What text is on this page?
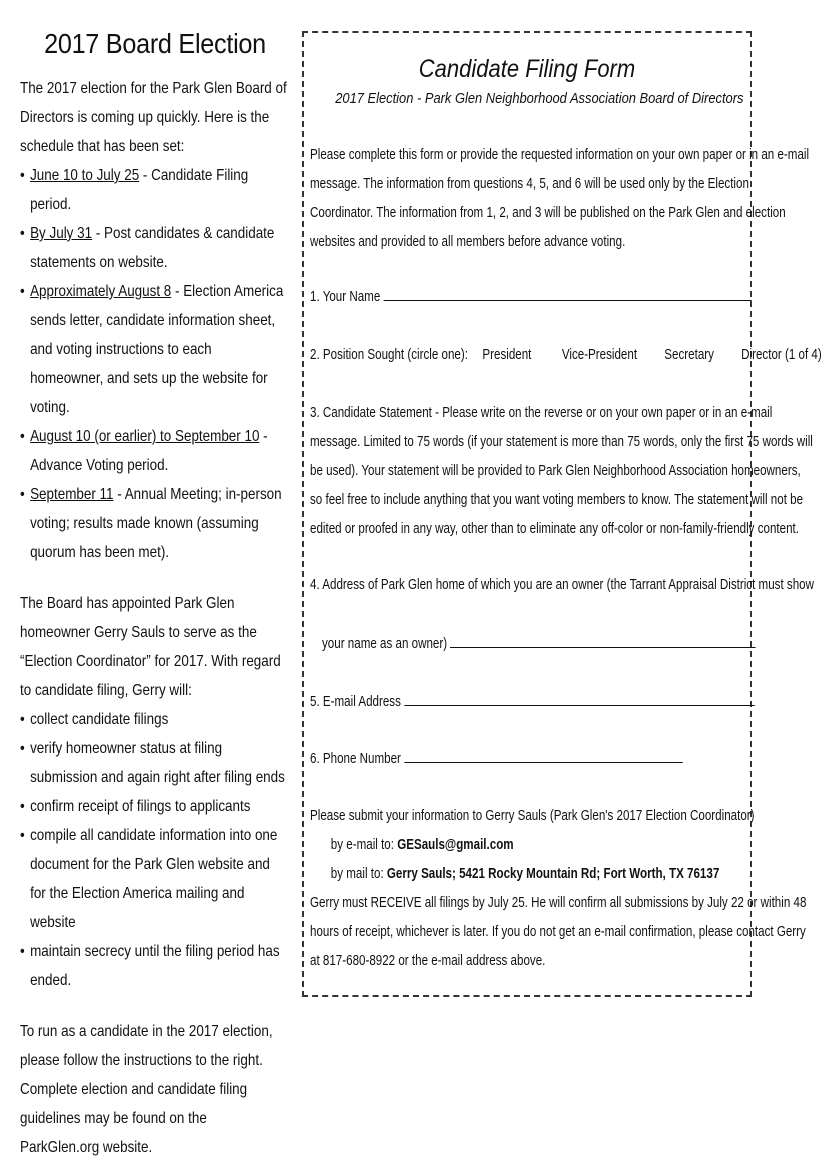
2017 Board Election
The 2017 election for the Park Glen Board of Directors is coming up quickly. Here is the schedule that has been set:
• June 10 to July 25 - Candidate Filing period.
• By July 31 - Post candidates & candidate statements on website.
• Approximately August 8 - Election America sends letter, candidate information sheet, and voting instructions to each homeowner, and sets up the website for voting.
• August 10 (or earlier) to September 10 - Advance Voting period.
• September 11 - Annual Meeting; in-person voting; results made known (assuming quorum has been met).
The Board has appointed Park Glen homeowner Gerry Sauls to serve as the “Election Coordinator” for 2017. With regard to candidate filing, Gerry will:
• collect candidate filings
• verify homeowner status at filing submission and again right after filing ends
• confirm receipt of filings to applicants
• compile all candidate information into one document for the Park Glen website and for the Election America mailing and website
• maintain secrecy until the filing period has ended.
To run as a candidate in the 2017 election, please follow the instructions to the right. Complete election and candidate filing guidelines may be found on the ParkGlen.org website.
Candidate Filing Form
2017 Election - Park Glen Neighborhood Association Board of Directors
Please complete this form or provide the requested information on your own paper or in an e-mail
message. The information from questions 4, 5, and 6 will be used only by the Election
Coordinator. The information from 1, 2, and 3 will be published on the Park Glen and election
websites and provided to all members before advance voting.
1. Your Name
2. Position Sought (circle one): President Vice-President Secretary Director (1 of 4)
3. Candidate Statement - Please write on the reverse or on your own paper or in an e-mail
message. Limited to 75 words (if your statement is more than 75 words, only the first 75 words will
be used). Your statement will be provided to Park Glen Neighborhood Association homeowners,
so feel free to include anything that you want voting members to know. The statement will not be
edited or proofed in any way, other than to eliminate any off-color or non-family-friendly content.
4. Address of Park Glen home of which you are an owner (the Tarrant Appraisal District must show
your name as an owner)
5. E-mail Address
6. Phone Number
Please submit your information to Gerry Sauls (Park Glen's 2017 Election Coordinator)
by e-mail to: GESauls@gmail.com
by mail to: Gerry Sauls; 5421 Rocky Mountain Rd; Fort Worth, TX 76137
Gerry must RECEIVE all filings by July 25. He will confirm all submissions by July 22 or within 48
hours of receipt, whichever is later. If you do not get an e-mail confirmation, please contact Gerry
at 817-680-8922 or the e-mail address above.
